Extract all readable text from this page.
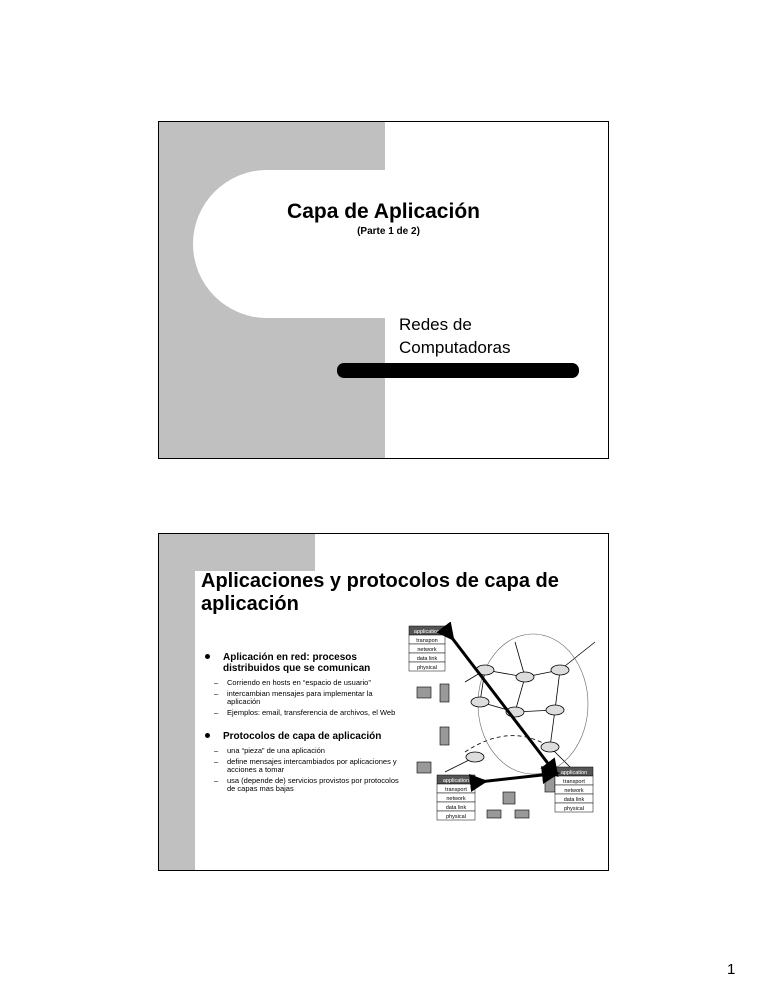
Capa de Aplicación
(Parte 1 de 2)
Redes de
Computadoras
Aplicaciones y protocolos de capa de aplicación
Aplicación en red: procesos distribuidos que se comunican
– Corriendo en hosts en “espacio de usuario”
– intercambian mensajes para implementar la aplicación
– Ejemplos: email, transferencia de archivos, el Web
Protocolos de capa de aplicación
– una “pieza” de una aplicación
– define mensajes intercambiados por aplicaciones y acciones a tomar
– usa (depende de) servicios provistos por protocolos de capas mas bajas
application
transpon
network
data link
physical
application
transport
network
data link
physical
application
transport
network
data link
physical
1
